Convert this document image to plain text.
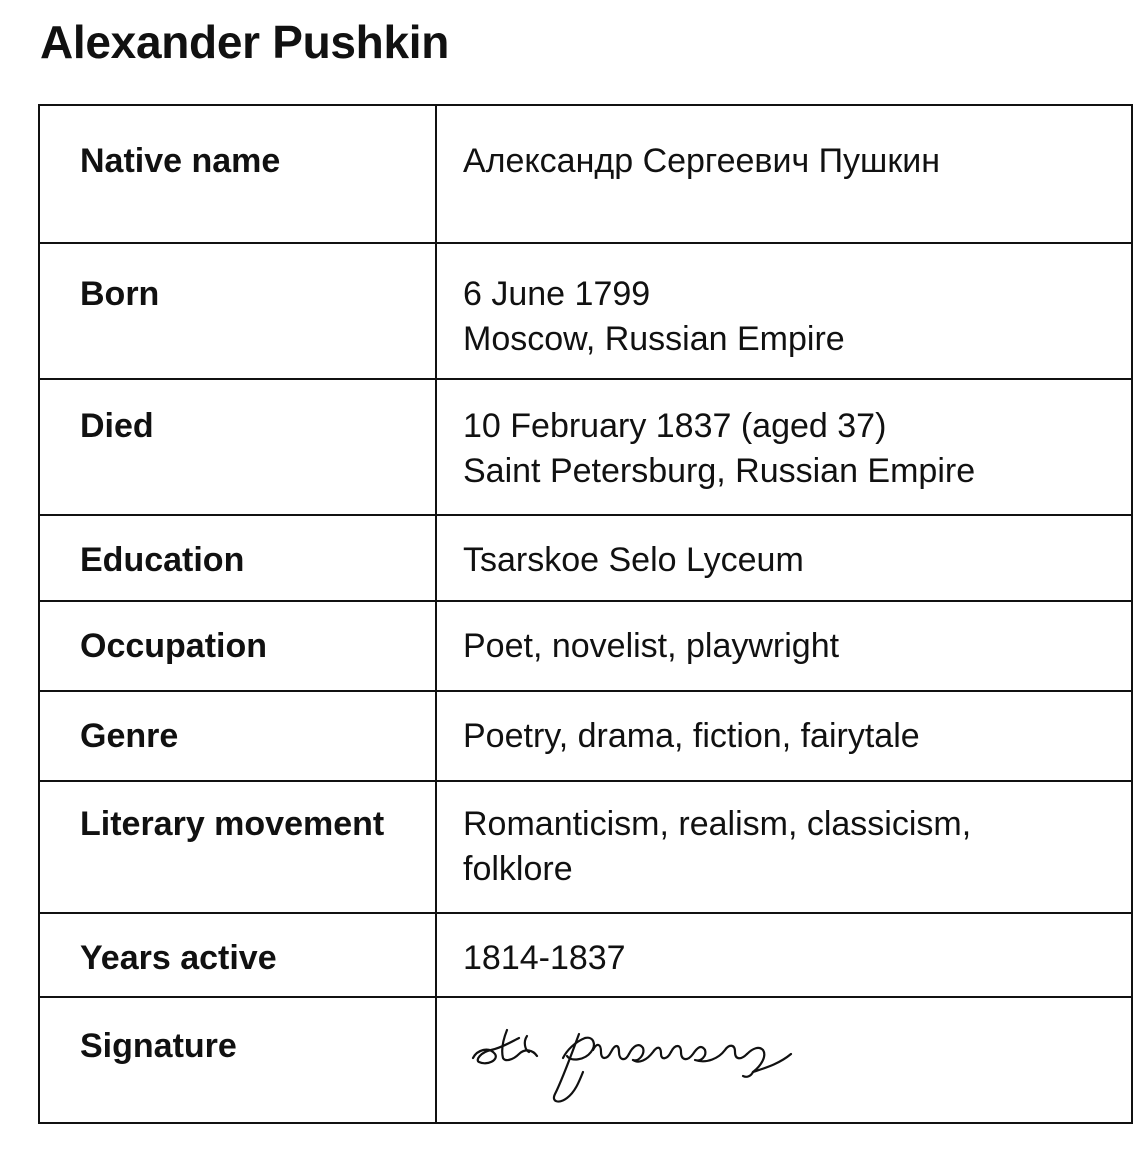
Alexander Pushkin
Native name	Александр Сергеевич Пушкин
Born	6 June 1799
Moscow, Russian Empire

Died	10 February 1837 (aged 37)
Saint Petersburg, Russian Empire

Education	Tsarskoe Selo Lyceum
Occupation	Poet, novelist, playwright
Genre	Poetry, drama, fiction, fairytale
Literary movement	Romanticism, realism, classicism,
folklore

Years active	1814-1837
Signature	
